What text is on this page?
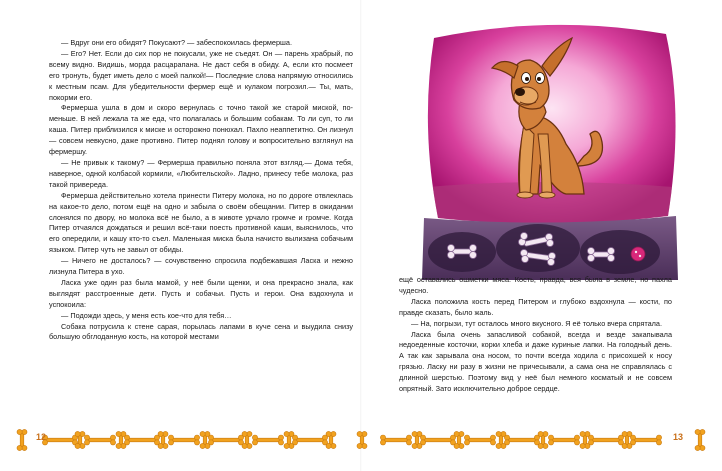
— Вдруг они его обидят? Покусают? — забеспокоилась фермерша.

— Его? Нет. Если до сих пор не покусали, уже не съедят. Он — парень храбрый, по всему видно. Видишь, морда расцарапана. Не даст себя в обиду. А, если кто посмеет его тронуть, будет иметь дело с моей палкой!— Последние слова напрямую относились к местным псам. Для убедительности фермер ещё и кулаком погрозил.— Ты, мать, покорми его.

Фермерша ушла в дом и скоро вернулась с точно такой же старой миской, по-меньше. В ней лежала та же еда, что полагалась и большим собакам. То ли суп, то ли каша. Питер приблизился к миске и осторожно понюхал. Пахло неаппетитно. Он лизнул — совсем невкусно, даже противно. Питер поднял голову и вопросительно взглянул на фермершу.

— Не привык к такому? — Фермерша правильно поняла этот взгляд.— Дома тебя, наверное, одной колбасой кормили, «Любительской». Ладно, принесу тебе молока, раз такой привереда.

Фермерша действительно хотела принести Питеру молока, но по дороге отвлеклась на какое-то дело, потом ещё на одно и забыла о своём обещании. Питер в ожидании слонялся по двору, но молока всё не было, а в животе урчало громче и громче. Когда Питер отчаялся дождаться и решил всё-таки поесть противной каши, выяснилось, что его опередили, и кашу кто-то съел. Маленькая миска была начисто вылизана собачьим языком. Питер чуть не завыл от обиды.

— Ничего не досталось? — сочувственно спросила подбежавшая Ласка и нежно лизнула Питера в ухо.

Ласка уже один раз была мамой, у неё были щенки, и она прекрасно знала, как выглядят расстроенные дети. Пусть и собачьи. Пусть и герои. Она вздохнула и успокоила:

— Подожди здесь, у меня есть кое-что для тебя…

Собака потрусила к стене сарая, порылась лапами в куче сена и выудила снизу большую обглоданную кость, на которой местами

ещё оставались ошметки мяса. Кость, правда, вся была в земле, но пахла чудесно.

Ласка положила кость перед Питером и глубоко вздохнула — кости, по правде сказать, было жаль.

— На, погрызи, тут осталось много вкусного. Я её только вчера спрятала.

Ласка была очень запасливой собакой, всегда и везде закапывала недоеденные косточки, корки хлеба и даже куриные лапки. На голодный день. А так как зарывала она носом, то почти всегда ходила с присохшей к носу грязью. Ласку ни разу в жизни не причесывали, а сама она не справлялась с длинной шерстью. Поэтому вид у неё был немного косматый и не совсем опрятный. Зато исключительно доброе сердце.

12	13
